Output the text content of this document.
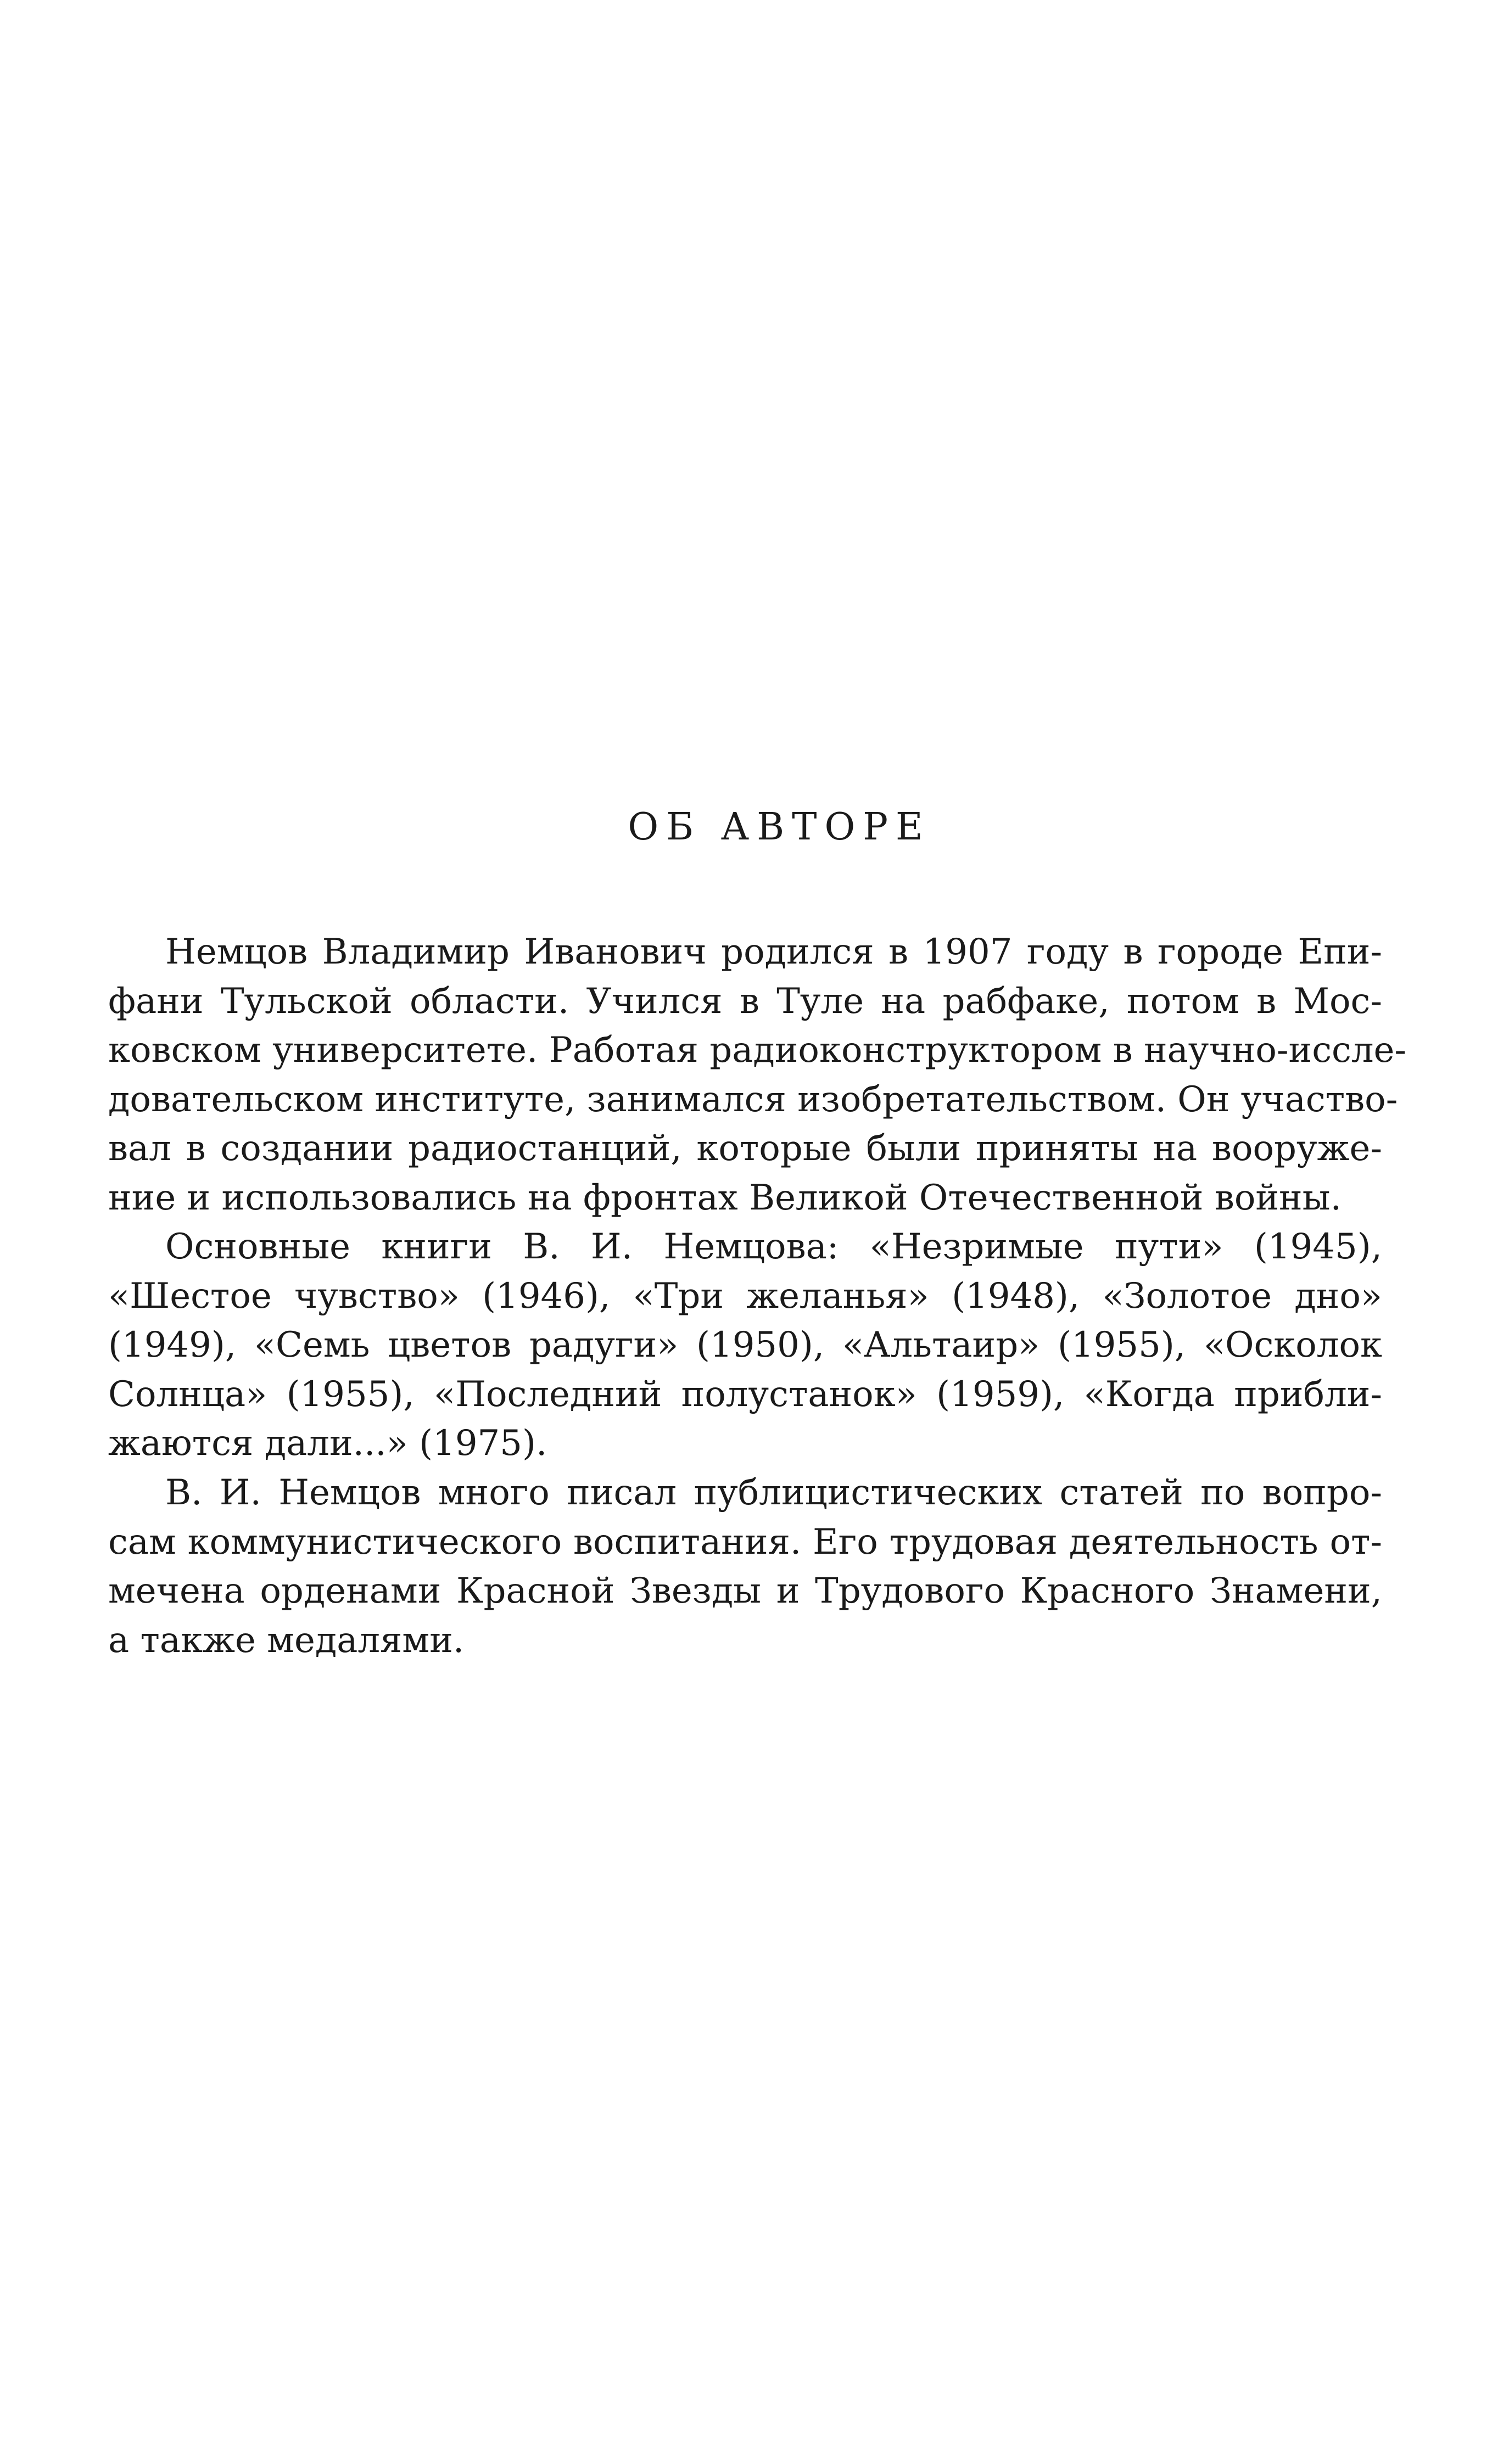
ОБ АВТОРЕ
Немцов Владимир Иванович родился в 1907 году в городе Епи-
фани Тульской области. Учился в Туле на рабфаке, потом в Мос-
ковском университете. Работая радиоконструктором в научно-иссле-
довательском институте, занимался изобретательством. Он участво-
вал в создании радиостанций, которые были приняты на вооруже-
ние и использовались на фронтах Великой Отечественной войны.
Основные книги В. И. Немцова: «Незримые пути» (1945),
«Шестое чувство» (1946), «Три желанья» (1948), «Золотое дно»
(1949), «Семь цветов радуги» (1950), «Альтаир» (1955), «Осколок
Солнца» (1955), «Последний полустанок» (1959), «Когда прибли-
жаются дали...» (1975).
В. И. Немцов много писал публицистических статей по вопро-
сам коммунистического воспитания. Его трудовая деятельность от-
мечена орденами Красной Звезды и Трудового Красного Знамени,
а также медалями.
